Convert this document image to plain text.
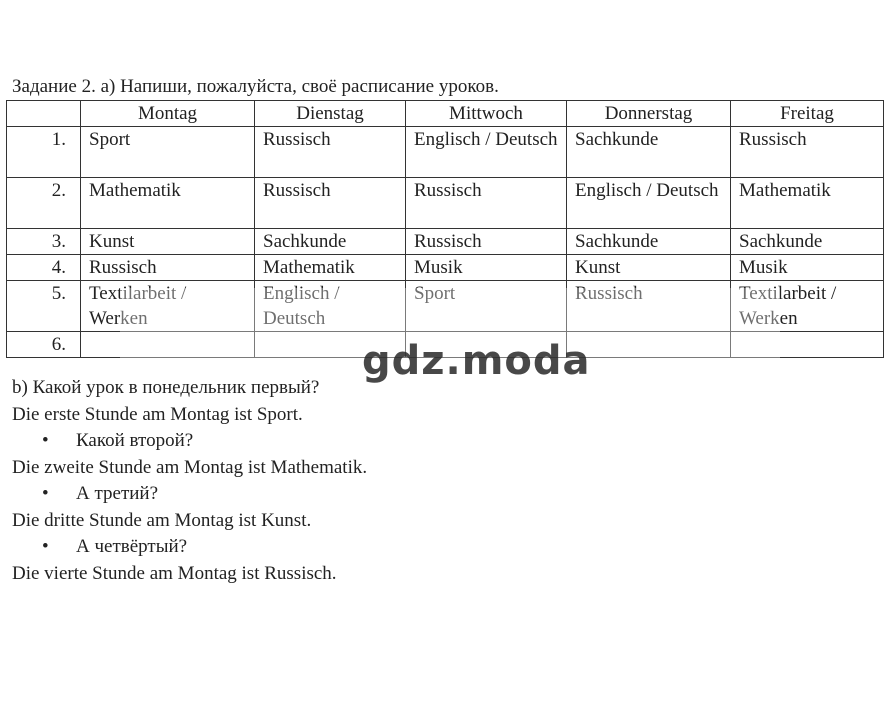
Задание 2. a) Напиши, пожалуйста, своё расписание уроков.
	Montag	Dienstag	Mittwoch	Donnerstag	Freitag
1.	Sport	Russisch	Englisch / Deutsch	Sachkunde	Russisch
2.	Mathematik	Russisch	Russisch	Englisch / Deutsch	Mathematik
3.	Kunst	Sachkunde	Russisch	Sachkunde	Sachkunde
4.	Russisch	Mathematik	Musik	Kunst	Musik
5.	Textilarbeit / Werken	Englisch / Deutsch	Sport	Russisch	Textilarbeit / Werken
6.						gdz.moda
b) Какой урок в понедельник первый?
Die erste Stunde am Montag ist Sport.
• Какой второй?
Die zweite Stunde am Montag ist Mathematik.
• А третий?
Die dritte Stunde am Montag ist Kunst.
• А четвёртый?
Die vierte Stunde am Montag ist Russisch.
